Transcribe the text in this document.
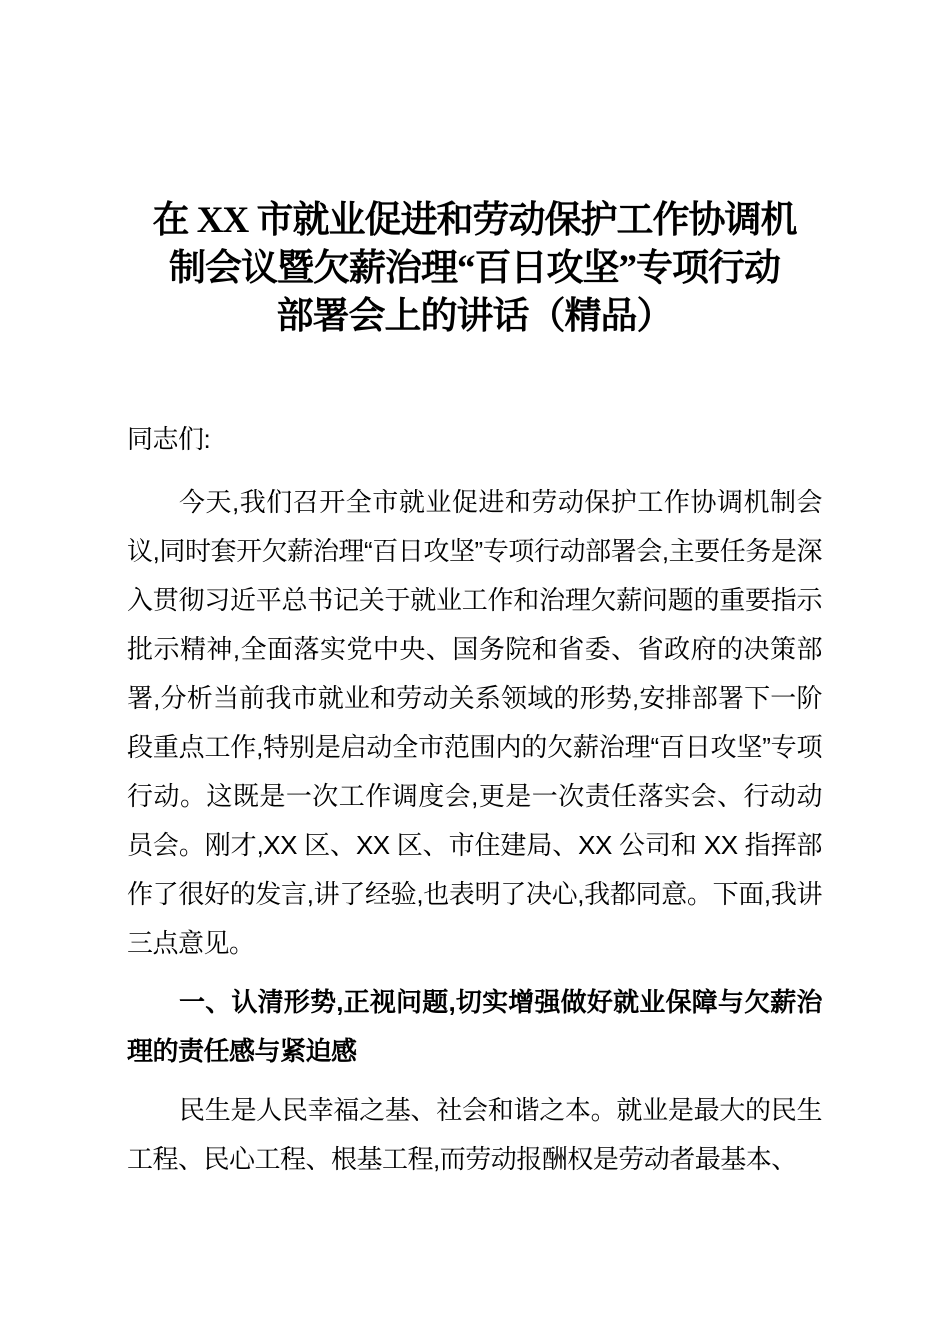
在 XX 市就业促进和劳动保护工作协调机
制会议暨欠薪治理“百日攻坚”专项行动
部署会上的讲话（精品）

同志们:

今天,我们召开全市就业促进和劳动保护工作协调机制会议,同时套开欠薪治理“百日攻坚”专项行动部署会,主要任务是深入贯彻习近平总书记关于就业工作和治理欠薪问题的重要指示批示精神,全面落实党中央、国务院和省委、省政府的决策部署,分析当前我市就业和劳动关系领域的形势,安排部署下一阶段重点工作,特别是启动全市范围内的欠薪治理“百日攻坚”专项行动。这既是一次工作调度会,更是一次责任落实会、行动动员会。刚才,XX 区、XX 区、市住建局、XX 公司和 XX 指挥部作了很好的发言,讲了经验,也表明了决心,我都同意。下面,我讲三点意见。

一、认清形势,正视问题,切实增强做好就业保障与欠薪治理的责任感与紧迫感

民生是人民幸福之基、社会和谐之本。就业是最大的民生工程、民心工程、根基工程,而劳动报酬权是劳动者最基本、
